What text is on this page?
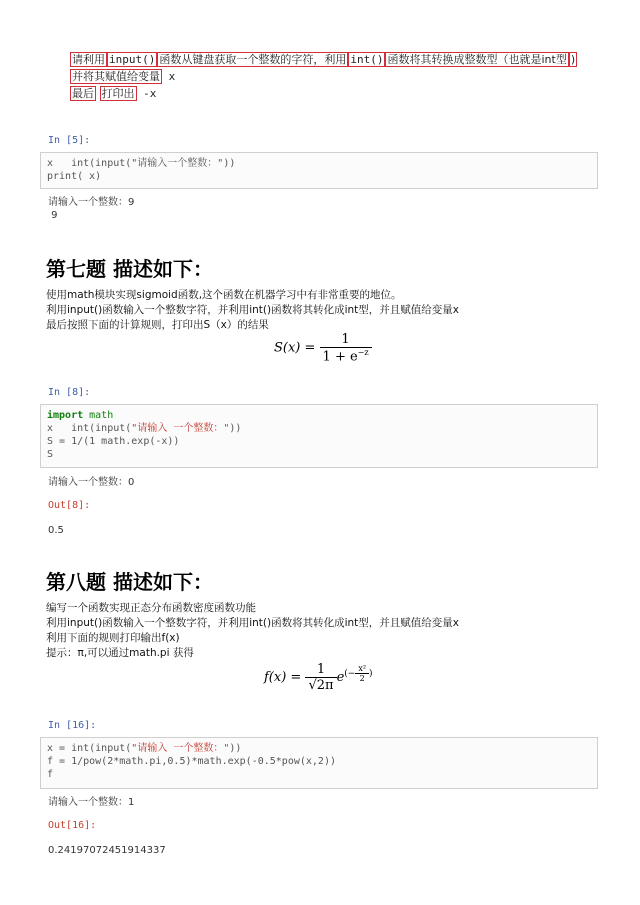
请利用 input() 函数从键盘获取一个整数的字符，利用 int() 函数将其转换成整数型（也就是int型 )
并将其赋值给变量 x
最后 打印出 -x
In [5]:
x   int(input("请输入一个整数："))
print( x)
请输入一个整数：9
9
第七题 描述如下：
使用math模块实现sigmoid函数,这个函数在机器学习中有非常重要的地位。
利用input()函数输入一个整数字符，并利用int()函数将其转化成int型，并且赋值给变量x
最后按照下面的计算规则，打印出S（x）的结果
$S(x) = \frac{1}{1 + e^{-z}}$
In [8]:
import math
x   int(input("请输入 一个整数："))
S = 1/(1 math.exp(-x))
S
请输入一个整数：0
Out[8]:
0.5
第八题 描述如下：
编写一个函数实现正态分布函数密度函数功能
利用input()函数输入一个整数字符，并利用int()函数将其转化成int型，并且赋值给变量x
利用下面的规则打印输出f(x)
提示：π,可以通过math.pi 获得
$f(x) = \frac{1}{√2\pi} e^{(- \frac{\text{x²}}{2} )}$
In [16]:
x = int(input("请输入 一个整数："))
f = 1/pow(2*math.pi,0.5)*math.exp(-0.5*pow(x,2))
f
请输入一个整数：1
Out[16]:
0.24197072451914337
